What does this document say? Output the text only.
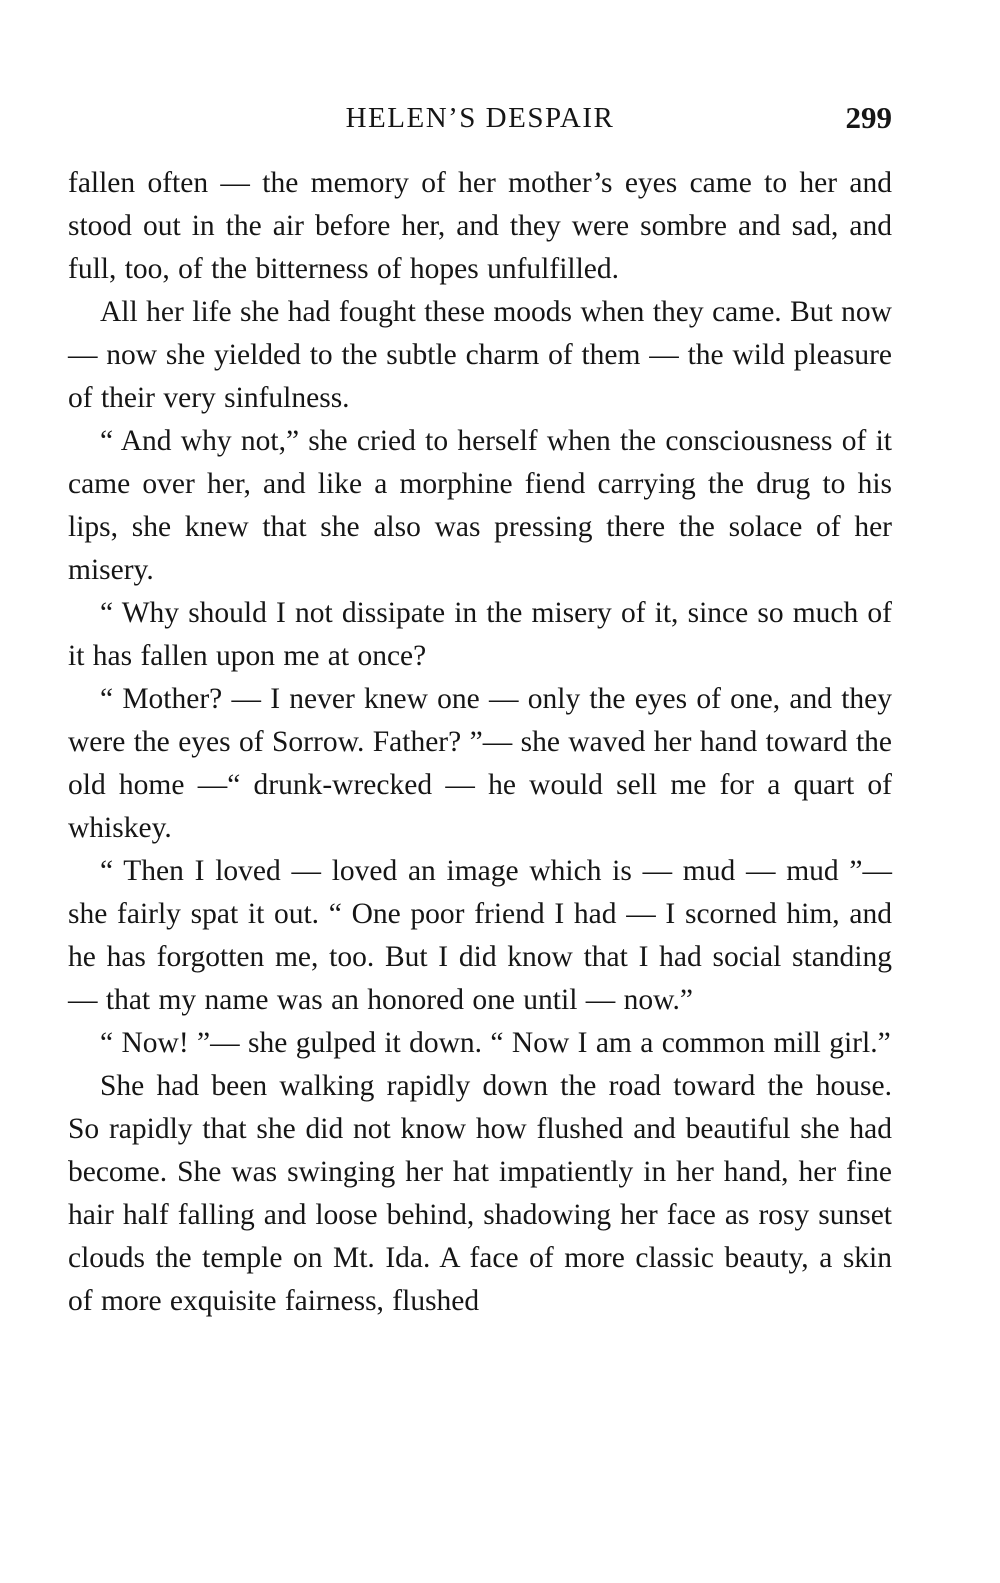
HELEN’S DESPAIR	299

fallen often — the memory of her mother’s eyes came to her and stood out in the air before her, and they were sombre and sad, and full, too, of the bitterness of hopes unfulfilled.

All her life she had fought these moods when they came. But now — now she yielded to the subtle charm of them — the wild pleasure of their very sinfulness.

“ And why not,” she cried to herself when the consciousness of it came over her, and like a morphine fiend carrying the drug to his lips, she knew that she also was pressing there the solace of her misery.

“ Why should I not dissipate in the misery of it, since so much of it has fallen upon me at once?

“ Mother? — I never knew one — only the eyes of one, and they were the eyes of Sorrow. Father? ”— she waved her hand toward the old home —“ drunk-wrecked — he would sell me for a quart of whiskey.

“ Then I loved — loved an image which is — mud — mud ”— she fairly spat it out. “ One poor friend I had — I scorned him, and he has forgotten me, too. But I did know that I had social standing — that my name was an honored one until — now.”

“ Now! ”— she gulped it down. “ Now I am a common mill girl.”

She had been walking rapidly down the road toward the house. So rapidly that she did not know how flushed and beautiful she had become. She was swinging her hat impatiently in her hand, her fine hair half falling and loose behind, shadowing her face as rosy sunset clouds the temple on Mt. Ida. A face of more classic beauty, a skin of more exquisite fairness, flushed
